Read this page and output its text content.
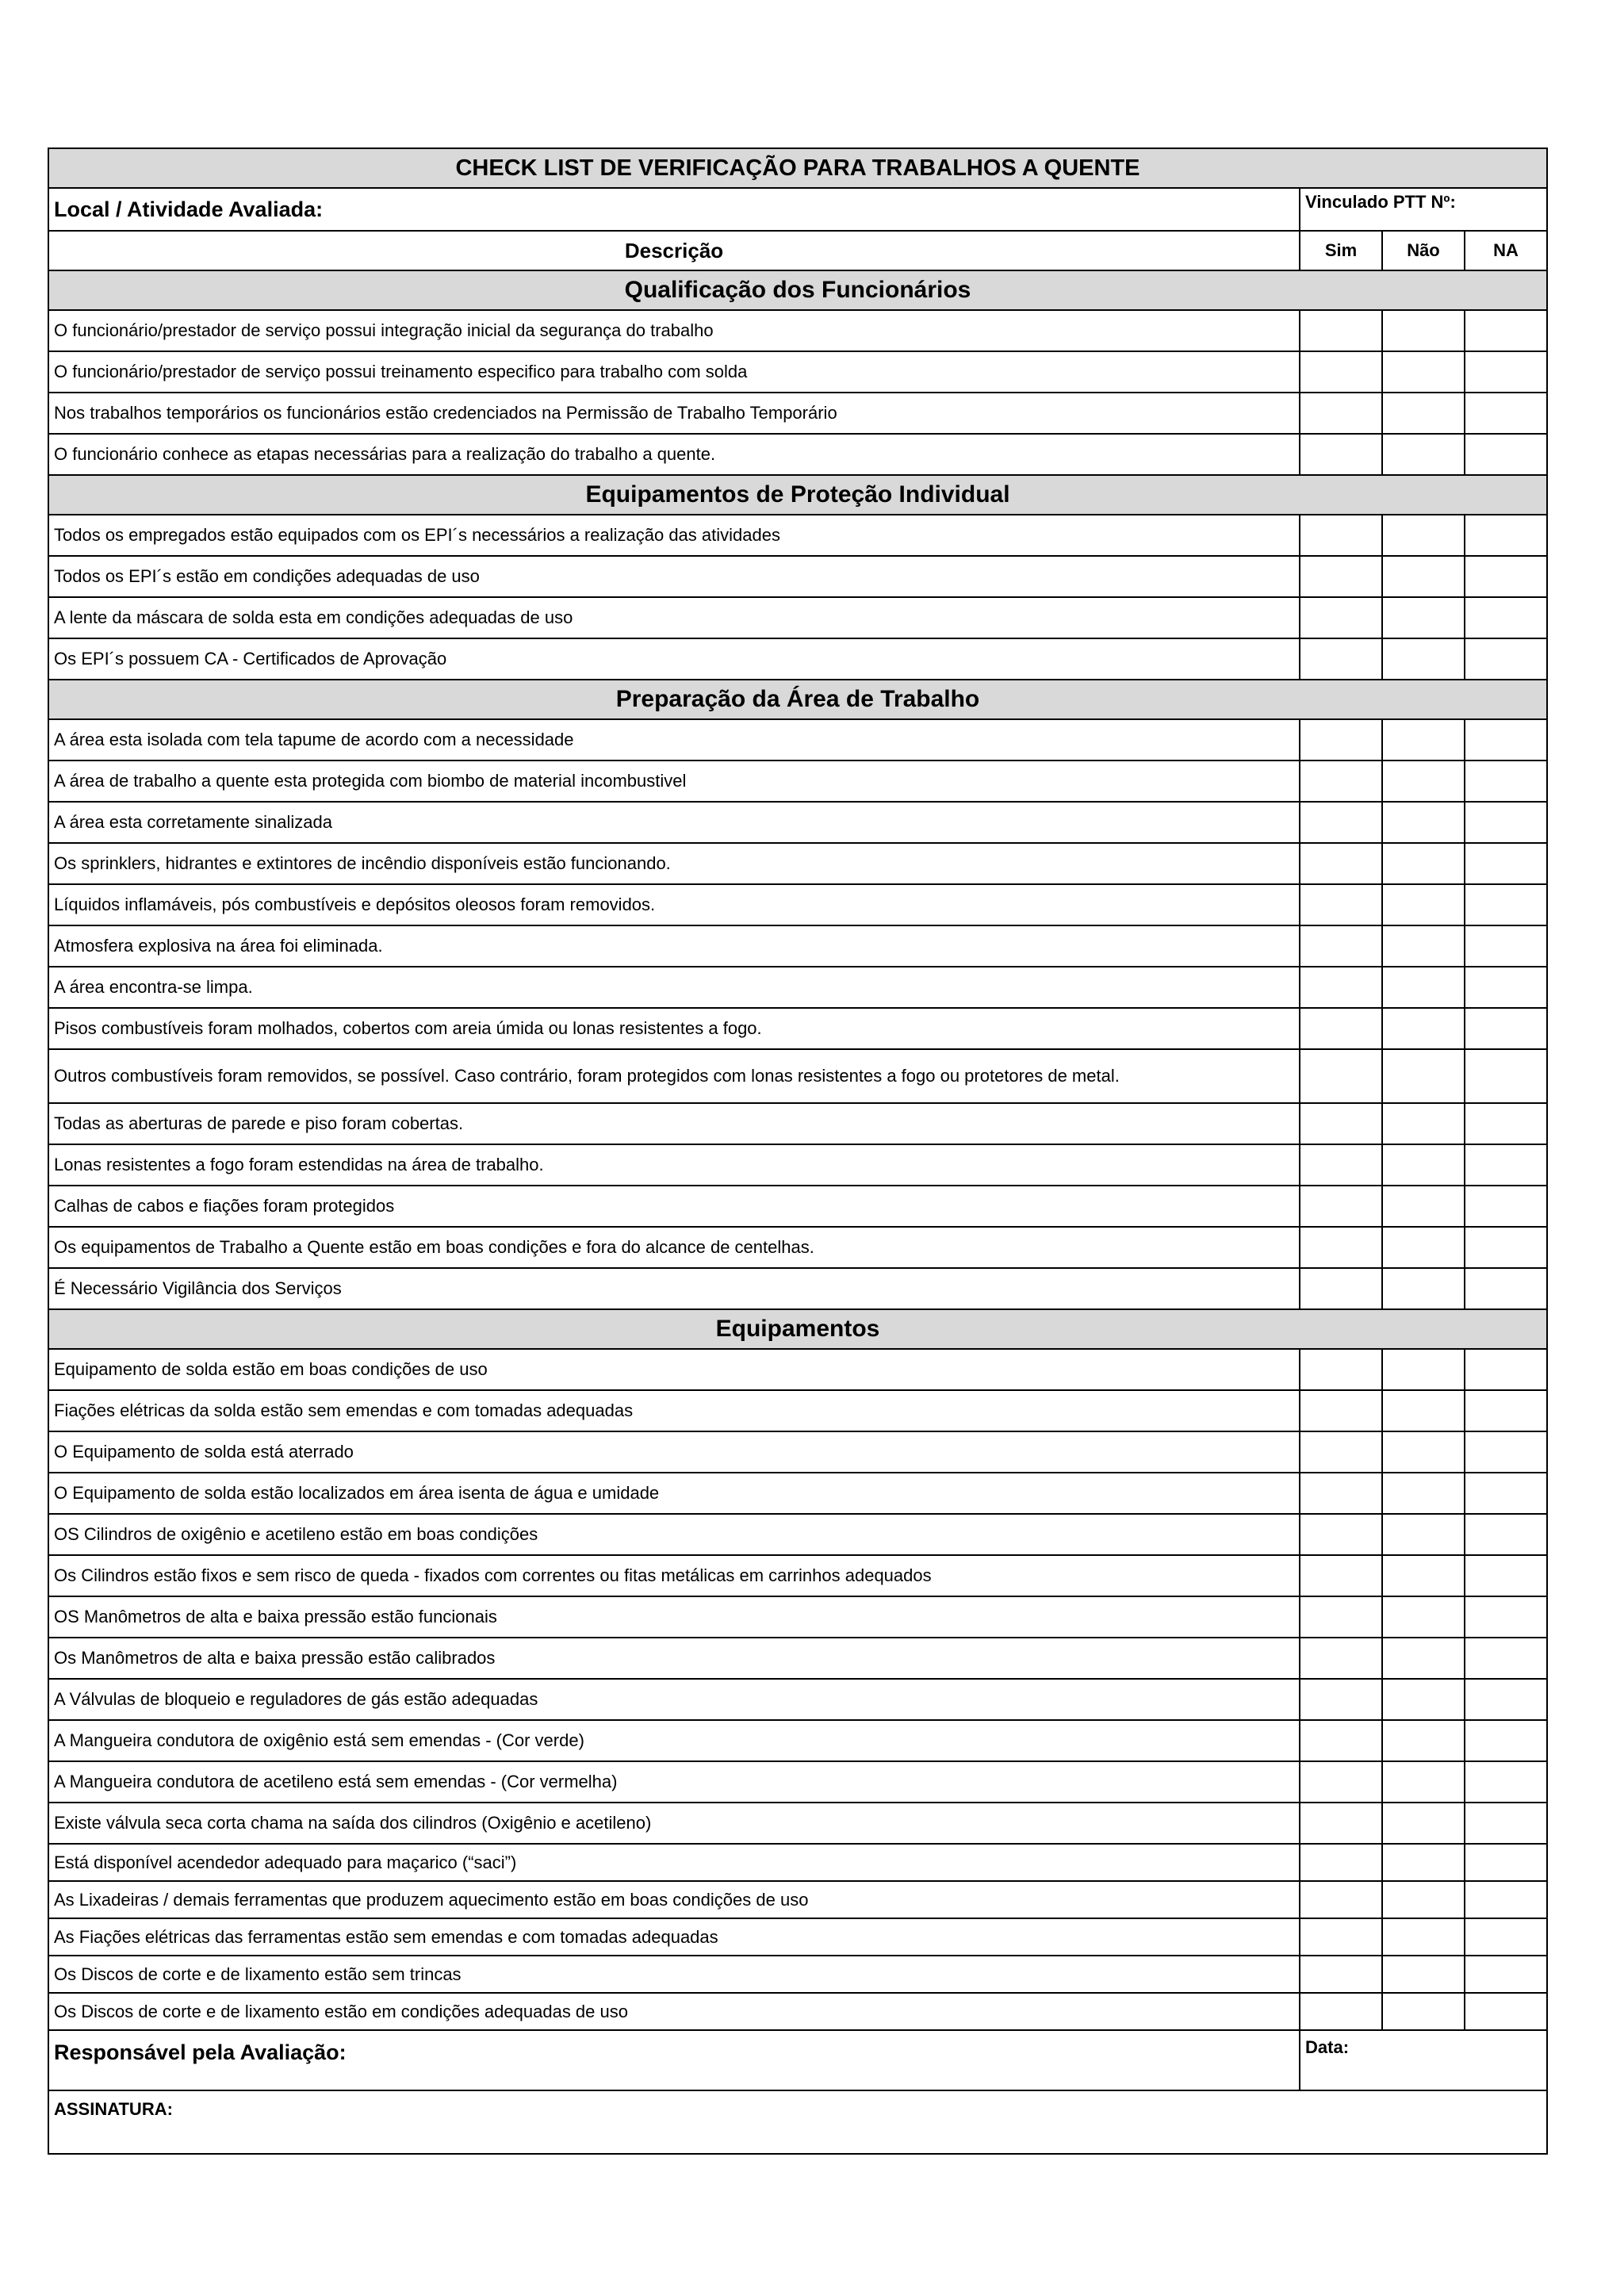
CHECK LIST DE VERIFICAÇÃO PARA TRABALHOS A QUENTE			
Local / Atividade Avaliada:	Vinculado PTT Nº:		
Descrição	Sim	Não	NA
Qualificação dos Funcionários			
O funcionário/prestador de serviço possui integração inicial da segurança do trabalho			
O funcionário/prestador de serviço possui treinamento especifico para trabalho com solda			
Nos trabalhos temporários os funcionários estão credenciados na Permissão de Trabalho Temporário			
O funcionário conhece as etapas necessárias para a realização do trabalho a quente.			
Equipamentos de Proteção Individual			
Todos os empregados estão equipados com os EPI´s necessários a realização das atividades			
Todos os EPI´s estão em condições adequadas de uso			
A lente da máscara de solda esta em condições adequadas de uso			
Os EPI´s possuem CA - Certificados de Aprovação			
Preparação da Área de Trabalho			
A área esta isolada com tela tapume de acordo com a necessidade			
A área de trabalho a quente esta protegida com biombo de material incombustivel			
A área esta corretamente sinalizada			
Os sprinklers, hidrantes e extintores de incêndio disponíveis estão funcionando.			
Líquidos inflamáveis, pós combustíveis e depósitos oleosos foram removidos.			
Atmosfera explosiva na área foi eliminada.			
A área encontra-se limpa.			
Pisos combustíveis foram molhados, cobertos com areia úmida ou lonas resistentes a fogo.			
Outros combustíveis foram removidos, se possível. Caso contrário, foram protegidos com lonas resistentes a fogo ou protetores de metal.			
Todas as aberturas de parede e piso foram cobertas.			
Lonas resistentes a fogo foram estendidas na área de trabalho.			
Calhas de cabos e fiações foram protegidos			
Os equipamentos de Trabalho a Quente estão em boas condições e fora do alcance de centelhas.			
É Necessário Vigilância dos Serviços			
Equipamentos			
Equipamento de solda estão em boas condições de uso			
Fiações elétricas da solda estão sem emendas e com tomadas adequadas			
O Equipamento de solda está aterrado			
O Equipamento de solda estão localizados em área isenta de água e umidade			
OS Cilindros de oxigênio e acetileno estão em boas condições			
Os Cilindros estão fixos e sem risco de queda - fixados com correntes ou fitas metálicas em carrinhos adequados			
OS Manômetros de alta e baixa pressão estão funcionais			
Os Manômetros de alta e baixa pressão estão calibrados			
A Válvulas de bloqueio e reguladores de gás estão adequadas			
A Mangueira condutora de oxigênio está sem emendas - (Cor verde)			
A Mangueira condutora de acetileno está sem emendas - (Cor vermelha)			
Existe válvula seca corta chama na saída dos cilindros (Oxigênio e acetileno)			
Está disponível acendedor adequado para maçarico (“saci”)			
As Lixadeiras / demais ferramentas que produzem aquecimento estão em boas condições de uso			
As Fiações elétricas das ferramentas estão sem emendas e com tomadas adequadas			
Os Discos de corte e de lixamento estão sem trincas			
Os Discos de corte e de lixamento estão em condições adequadas de uso			
Responsável pela Avaliação:	Data:		
ASSINATURA:			
